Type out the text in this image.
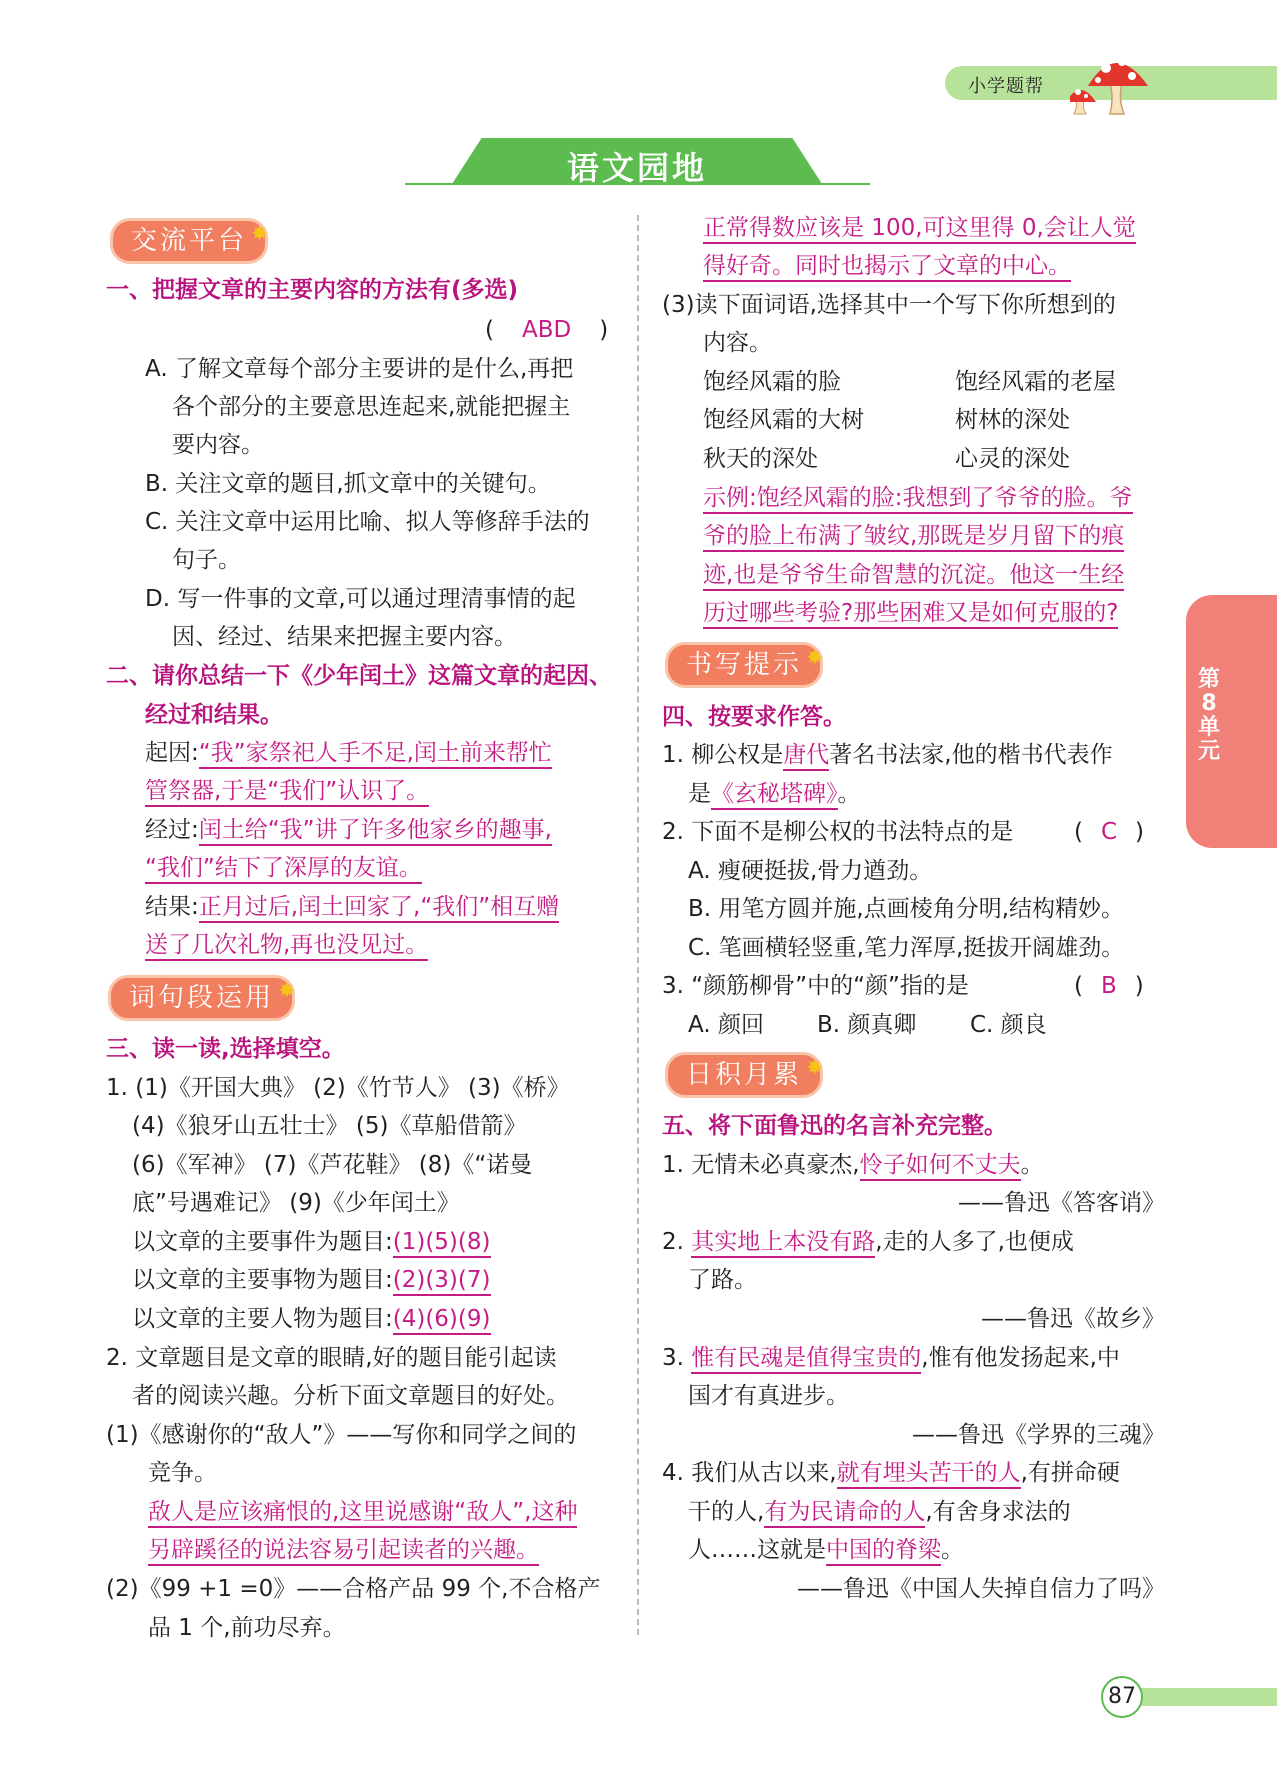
小学题帮
语文园地
交流平台 ✸
一、把握文章的主要内容的方法有(多选)
( ABD )
A. 了解文章每个部分主要讲的是什么,再把
各个部分的主要意思连起来,就能把握主
要内容。
B. 关注文章的题目,抓文章中的关键句。
C. 关注文章中运用比喻、拟人等修辞手法的
句子。
D. 写一件事的文章,可以通过理清事情的起
因、经过、结果来把握主要内容。
二、请你总结一下《少年闰土》这篇文章的起因、
经过和结果。
起因:“我”家祭祀人手不足,闰土前来帮忙
管祭器,于是“我们”认识了。
经过:闰土给“我”讲了许多他家乡的趣事,
“我们”结下了深厚的友谊。
结果:正月过后,闰土回家了,“我们”相互赠
送了几次礼物,再也没见过。
词句段运用 ✸
三、读一读,选择填空。
1. (1)《开国大典》 (2)《竹节人》 (3)《桥》
(4)《狼牙山五壮士》 (5)《草船借箭》
(6)《军神》 (7)《芦花鞋》 (8)《“诺曼
底”号遇难记》 (9)《少年闰土》
以文章的主要事件为题目:(1)(5)(8)
以文章的主要事物为题目:(2)(3)(7)
以文章的主要人物为题目:(4)(6)(9)
2. 文章题目是文章的眼睛,好的题目能引起读
者的阅读兴趣。分析下面文章题目的好处。
(1)《感谢你的“敌人”》——写你和同学之间的
竞争。
敌人是应该痛恨的,这里说感谢“敌人”,这种
另辟蹊径的说法容易引起读者的兴趣。
(2)《99 +1 =0》——合格产品 99 个,不合格产
品 1 个,前功尽弃。
正常得数应该是 100,可这里得 0,会让人觉
得好奇。同时也揭示了文章的中心。
(3)读下面词语,选择其中一个写下你所想到的
内容。
饱经风霜的脸	饱经风霜的老屋
饱经风霜的大树	树林的深处
秋天的深处	心灵的深处
示例:饱经风霜的脸:我想到了爷爷的脸。爷
爷的脸上布满了皱纹,那既是岁月留下的痕
迹,也是爷爷生命智慧的沉淀。他这一生经
历过哪些考验?那些困难又是如何克服的?
书写提示 ✸
四、按要求作答。
1. 柳公权是唐代著名书法家,他的楷书代表作
是《玄秘塔碑》。
2. 下面不是柳公权的书法特点的是	( C )
A. 瘦硬挺拔,骨力遒劲。
B. 用笔方圆并施,点画棱角分明,结构精妙。
C. 笔画横轻竖重,笔力浑厚,挺拔开阔雄劲。
3. “颜筋柳骨”中的“颜”指的是	( B )
A. 颜回 B. 颜真卿 C. 颜良
日积月累 ✸
五、将下面鲁迅的名言补充完整。
1. 无情未必真豪杰,怜子如何不丈夫。
——鲁迅《答客诮》
2. 其实地上本没有路,走的人多了,也便成
了路。
——鲁迅《故乡》
3. 惟有民魂是值得宝贵的,惟有他发扬起来,中
国才有真进步。
——鲁迅《学界的三魂》
4. 我们从古以来,就有埋头苦干的人,有拼命硬
干的人,有为民请命的人,有舍身求法的
人……这就是中国的脊梁。
——鲁迅《中国人失掉自信力了吗》
第
8
单
元
87
